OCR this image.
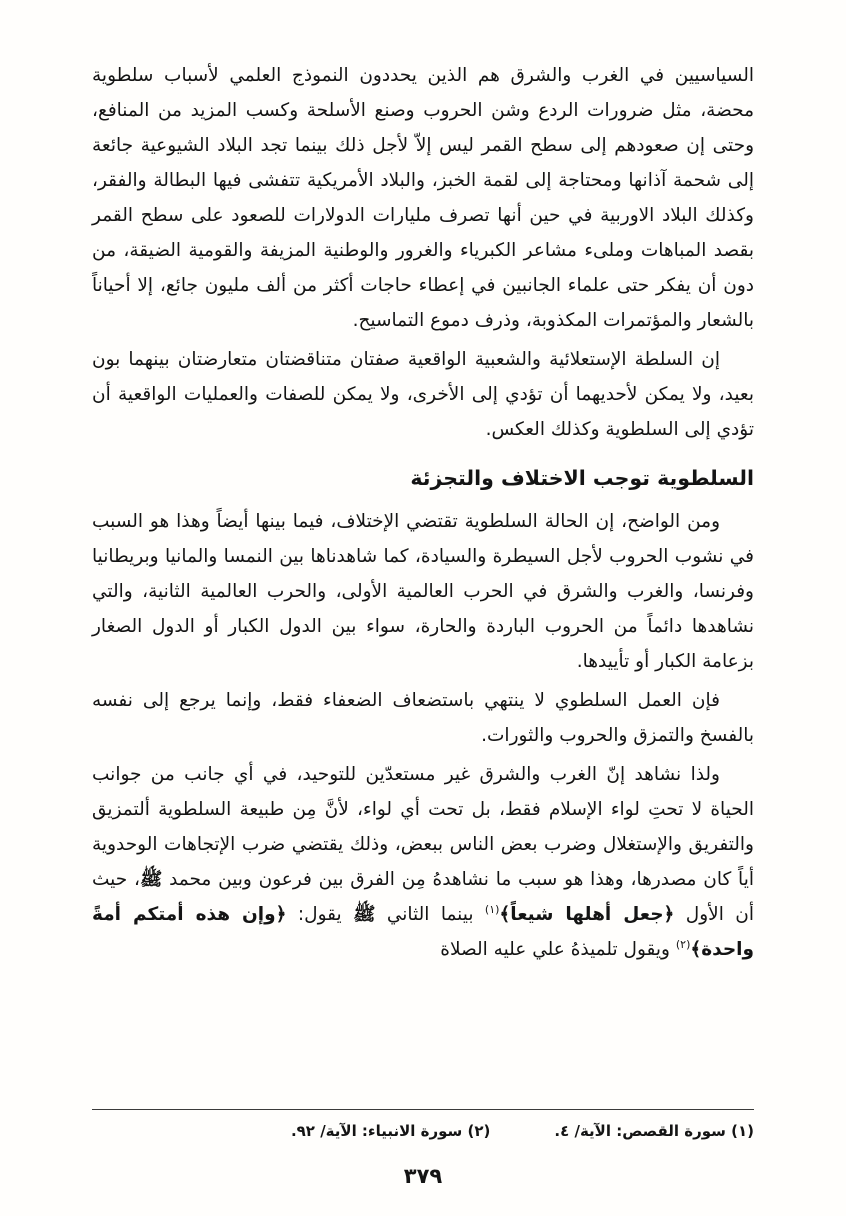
السياسيين في الغرب والشرق هم الذين يحددون النموذج العلمي لأسباب سلطوية محضة، مثل ضرورات الردع وشن الحروب وصنع الأسلحة وكسب المزيد من المنافع، وحتى إن صعودهم إلى سطح القمر ليس إلاّ لأجل ذلك بينما تجد البلاد الشيوعية جائعة إلى شحمة آذانها ومحتاجة إلى لقمة الخبز، والبلاد الأمريكية تتفشى فيها البطالة والفقر، وكذلك البلاد الاوربية في حين أنها تصرف مليارات الدولارات للصعود على سطح القمر بقصد المباهات وملىء مشاعر الكبرياء والغرور والوطنية المزيفة والقومية الضيقة، من دون أن يفكر حتى علماء الجانبين في إعطاء حاجات أكثر من ألف مليون جائع، إلا أحياناً بالشعار والمؤتمرات المكذوبة، وذرف دموع التماسيح.

إن السلطة الإستعلائية والشعبية الواقعية صفتان متناقضتان متعارضتان بينهما بون بعيد، ولا يمكن لأحديهما أن تؤدي إلى الأخرى، ولا يمكن للصفات والعمليات الواقعية أن تؤدي إلى السلطوية وكذلك العكس.

السلطوية توجب الاختلاف والتجزئة

ومن الواضح، إن الحالة السلطوية تقتضي الإختلاف، فيما بينها أيضاً وهذا هو السبب في نشوب الحروب لأجل السيطرة والسيادة، كما شاهدناها بين النمسا والمانيا وبريطانيا وفرنسا، والغرب والشرق في الحرب العالمية الأولى، والحرب العالمية الثانية، والتي نشاهدها دائماً من الحروب الباردة والحارة، سواء بين الدول الكبار أو الدول الصغار بزعامة الكبار أو تأييدها.

فإن العمل السلطوي لا ينتهي باستضعاف الضعفاء فقط، وإنما يرجع إلى نفسه بالفسخ والتمزق والحروب والثورات.

ولذا نشاهد إنّ الغرب والشرق غير مستعدّين للتوحيد، في أي جانب من جوانب الحياة لا تحتِ لواء الإسلام فقط، بل تحت أي لواء، لأنَّ مِن طبيعة السلطوية ألتمزيق والتفريق والإستغلال وضرب بعض الناس ببعض، وذلك يقتضي ضرب الإتجاهات الوحدوية أياً كان مصدرها، وهذا هو سبب ما نشاهدهُ مِن الفرق بين فرعون وبين محمد ﷺ، حيث أن الأول ﴿جعل أهلها شيعاً﴾$^{(١)}$ بينما الثاني ﷺ يقول: ﴿وإن هذه أمتكم أمةً واحدة﴾$^{(٢)}$ ويقول تلميذهُ علي عليه الصلاة

(١) سورة القصص: الآية/ ٤.
(٢) سورة الانبياء: الآية/ ٩٢.
٣٧٩
